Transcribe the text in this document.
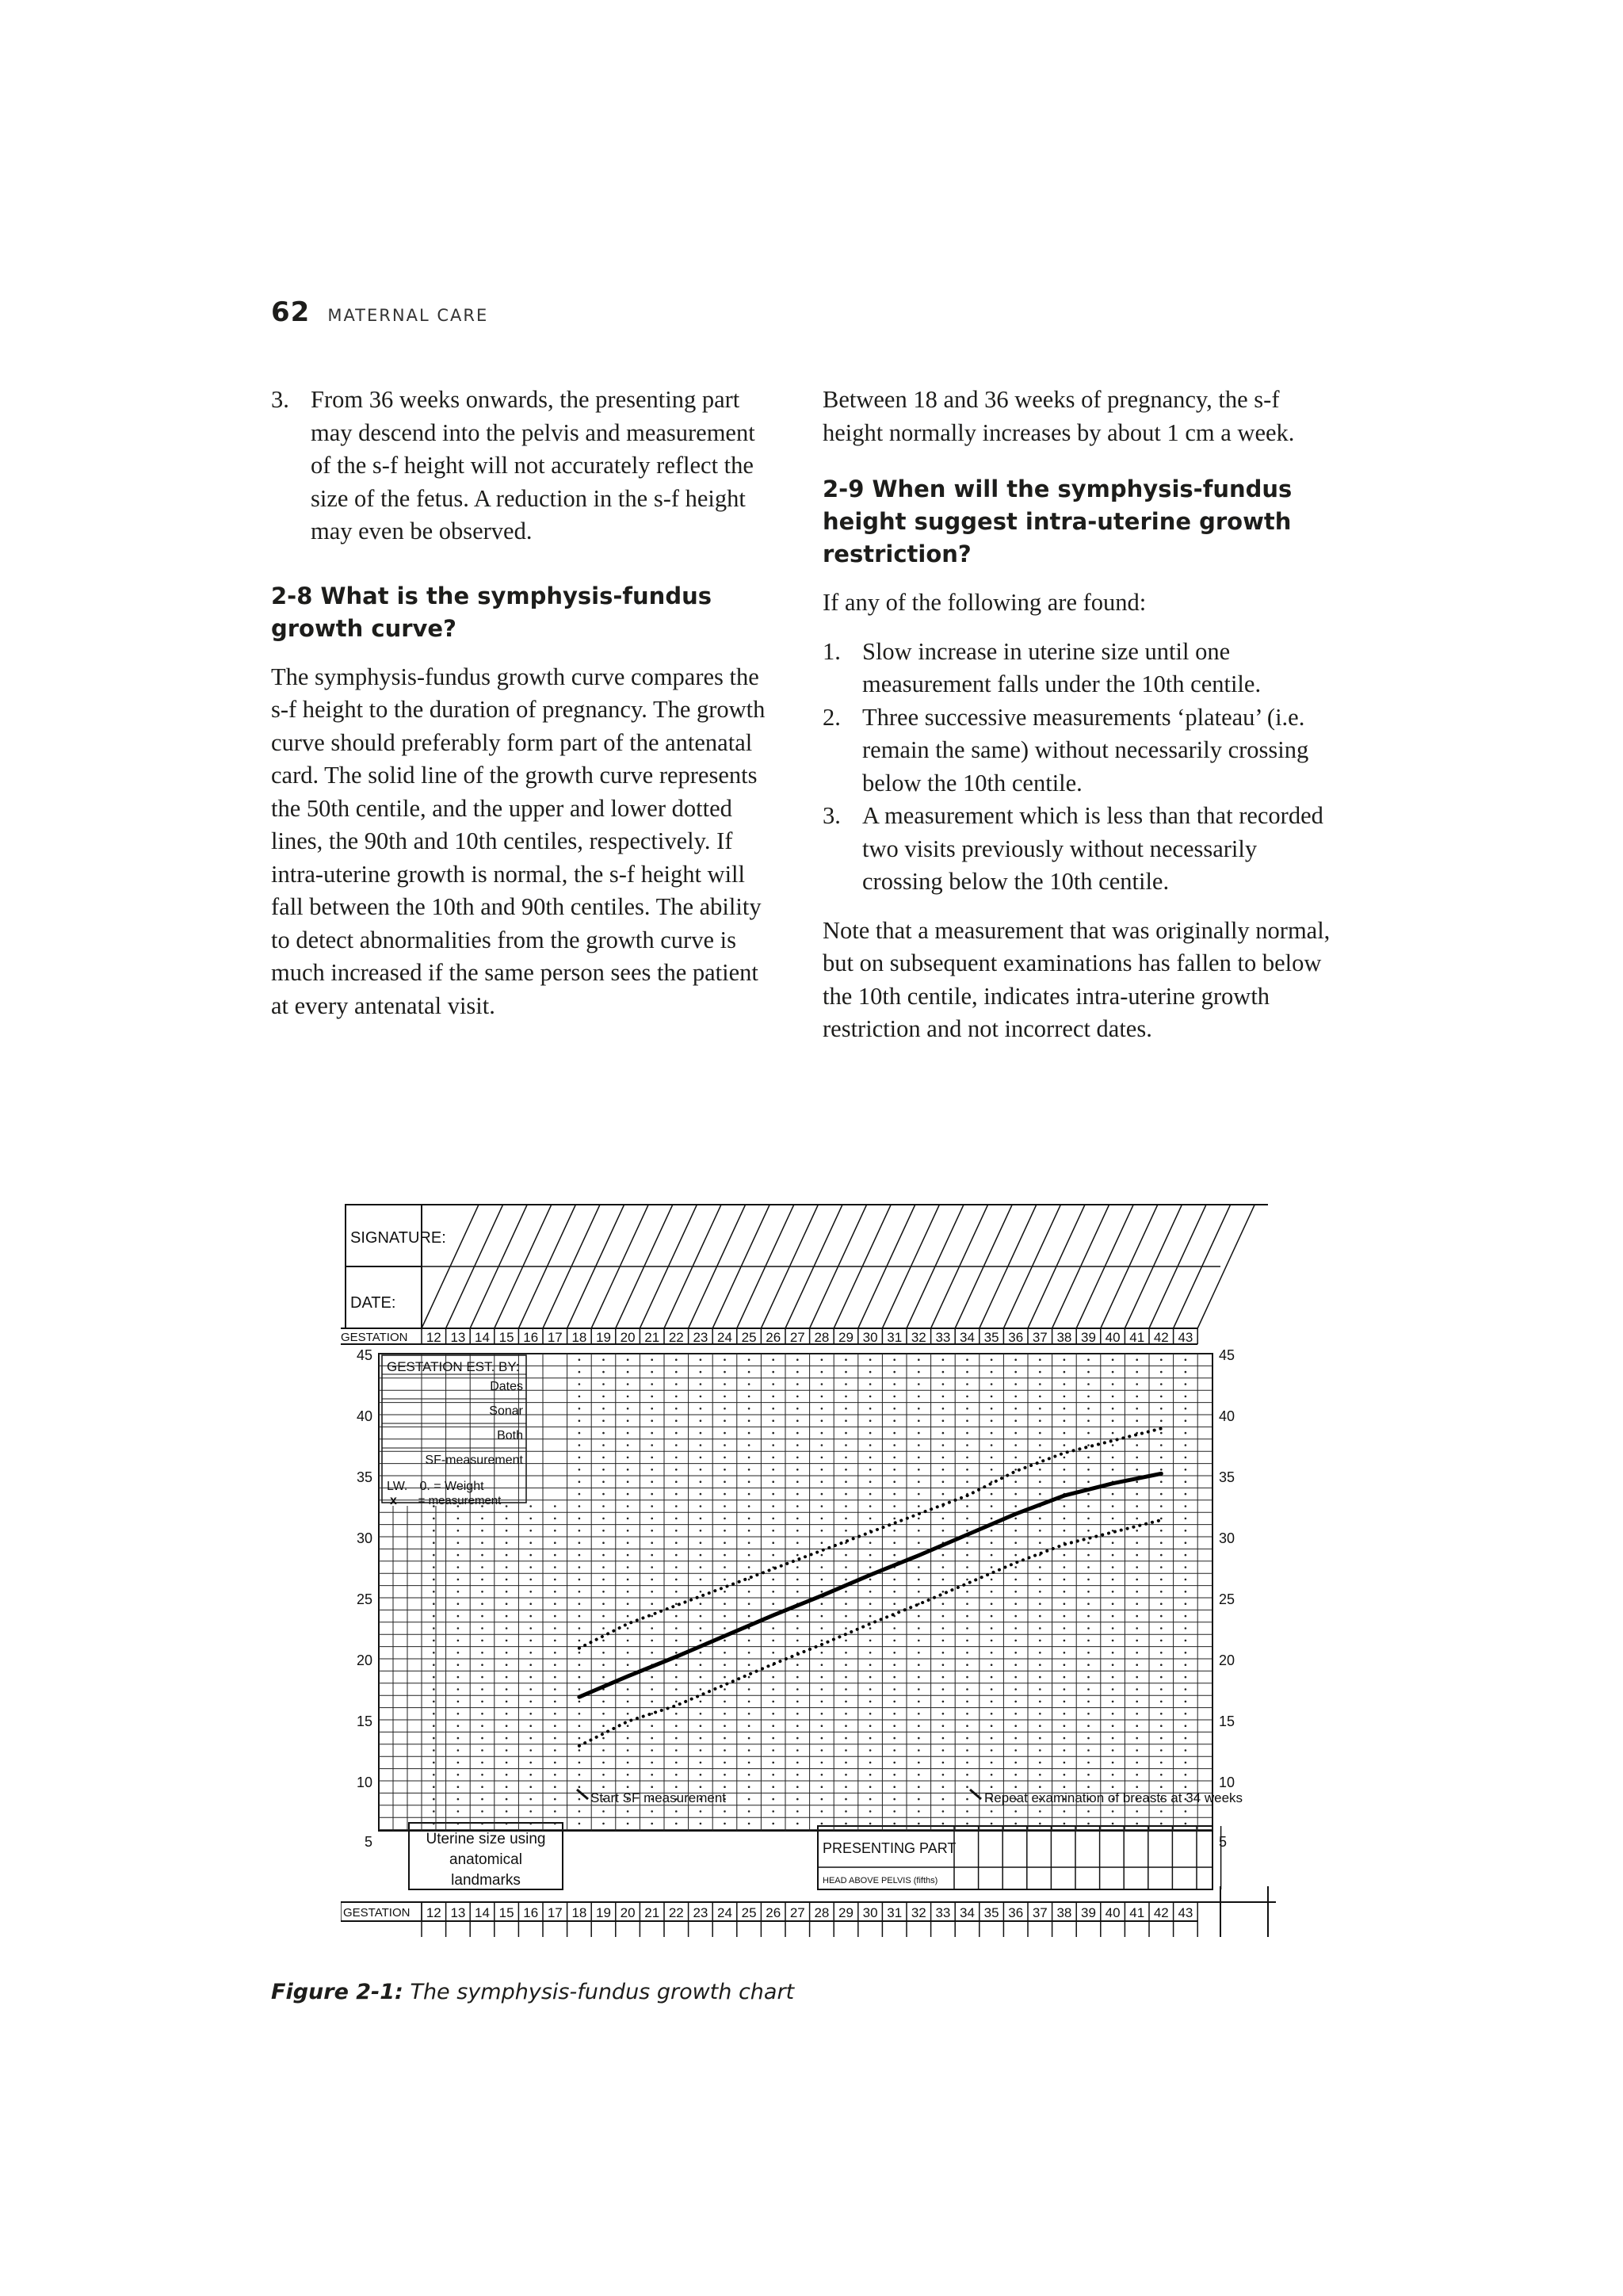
62 MATERNAL CARE
3. From 36 weeks onwards, the presenting part may descend into the pelvis and measurement of the s-f height will not accurately reflect the size of the fetus. A reduction in the s-f height may even be observed.
2-8 What is the symphysis-fundus growth curve?

The symphysis-fundus growth curve compares the s-f height to the duration of pregnancy. The growth curve should preferably form part of the antenatal card. The solid line of the growth curve represents the 50th centile, and the upper and lower dotted lines, the 90th and 10th centiles, respectively. If intra-uterine growth is normal, the s-f height will fall between the 10th and 90th centiles. The ability to detect abnormalities from the growth curve is much increased if the same person sees the patient at every antenatal visit.

Between 18 and 36 weeks of pregnancy, the s-f height normally increases by about 1 cm a week.

2-9 When will the symphysis-fundus height suggest intra-uterine growth restriction?

If any of the following are found:

1. Slow increase in uterine size until one measurement falls under the 10th centile.
2. Three successive measurements ‘plateau’ (i.e. remain the same) without necessarily crossing below the 10th centile.
3. A measurement which is less than that recorded two visits previously without necessarily crossing below the 10th centile.

Note that a measurement that was originally normal, but on subsequent examinations has fallen to below the 10th centile, indicates intra-uterine growth restriction and not incorrect dates.

SIGNATURE:
DATE:
GESTATION 12 13 14 15 16 17 18 19 20 21 22 23 24 25 26 27 28 29 30 31 32 33 34 35 36 37 38 39 40 41 42 43
GESTATION EST. BY:
Dates
Sonar
Both
SF-measurement
LW. 0. = Weight
x = measurement
45	45
40	40
35	35
30	30
25	25
20	20
15	15
10	10
5	5
Start SF measurement	Repeat examination of breasts at 34 weeks
Uterine size using
anatomical
landmarks
PRESENTING PART
HEAD ABOVE PELVIS (fifths)
GESTATION 12 13 14 15 16 17 18 19 20 21 22 23 24 25 26 27 28 29 30 31 32 33 34 35 36 37 38 39 40 41 42 43
Figure 2-1: The symphysis-fundus growth chart
